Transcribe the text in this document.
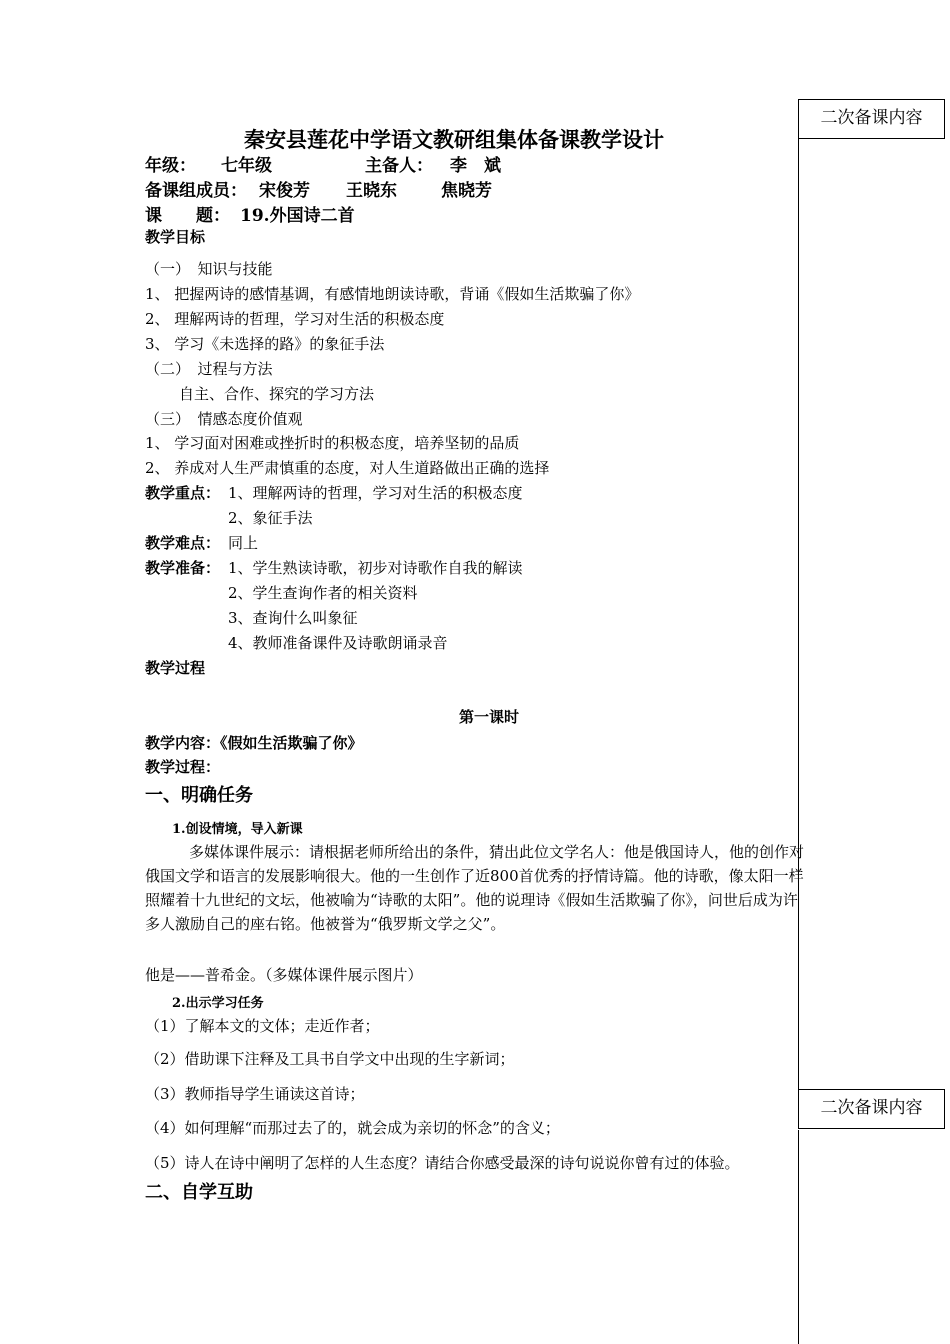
二次备课内容
二次备课内容
秦安县莲花中学语文教研组集体备课教学设计
年级： 七年级	主备人： 李　斌
备课组成员： 宋俊芳 王晓东	焦晓芳
课　　题： 19.外国诗二首
教学目标
（一）　知识与技能
1、 把握两诗的感情基调，有感情地朗读诗歌，背诵《假如生活欺骗了你》
2、 理解两诗的哲理，学习对生活的积极态度
3、 学习《未选择的路》的象征手法
（二）　过程与方法
自主、合作、探究的学习方法
（三）　情感态度价值观
1、 学习面对困难或挫折时的积极态度，培养坚韧的品质
2、 养成对人生严肃慎重的态度，对人生道路做出正确的选择
教学重点： 1、理解两诗的哲理，学习对生活的积极态度
2、象征手法
教学难点： 同上
教学准备： 1、学生熟读诗歌，初步对诗歌作自我的解读
2、学生查询作者的相关资料
3、查询什么叫象征
4、教师准备课件及诗歌朗诵录音
教学过程
第一课时
教学内容：《假如生活欺骗了你》
教学过程：
一、明确任务
1.创设情境，导入新课
多媒体课件展示：请根据老师所给出的条件，猜出此位文学名人：他是俄国诗人，他的创作对俄国文学和语言的发展影响很大。他的一生创作了近800首优秀的抒情诗篇。他的诗歌，像太阳一样照耀着十九世纪的文坛，他被喻为“诗歌的太阳”。他的说理诗《假如生活欺骗了你》，问世后成为许多人激励自己的座右铭。他被誉为“俄罗斯文学之父”。
他是——普希金。（多媒体课件展示图片）
2.出示学习任务
（1）了解本文的文体；走近作者；
（2）借助课下注释及工具书自学文中出现的生字新词；
（3）教师指导学生诵读这首诗；
（4）如何理解“而那过去了的，就会成为亲切的怀念”的含义；
（5）诗人在诗中阐明了怎样的人生态度？请结合你感受最深的诗句说说你曾有过的体验。
二、自学互助
